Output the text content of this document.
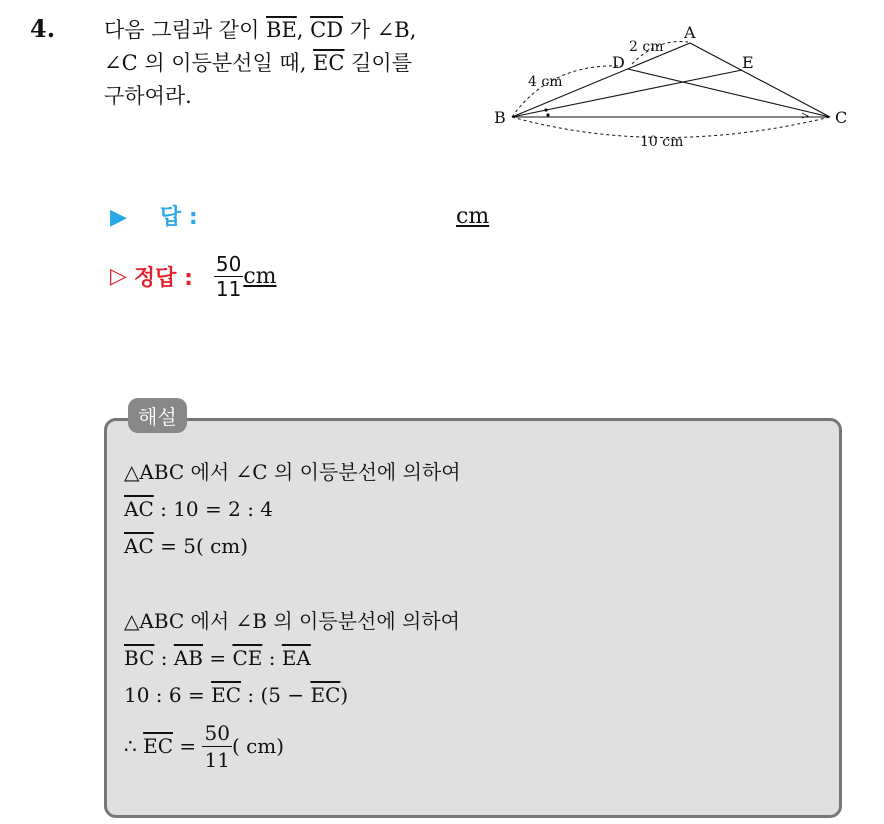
4. 다음 그림과 같이 $\overline{BE}$, $\overline{CD}$ 가 ∠B,
∠C 의 이등분선일 때, $\overline{EC}$ 길이를
구하여라.
A
B	C
D	E
4 cm
2 cm
10 cm
▶ 답 :	cm
▷ 정답 : $\frac{50}{11}$ cm
해설
△ABC 에서 ∠C 의 이등분선에 의하여
$\overline{AC}$ : 10 = 2 : 4
$\overline{AC} = 5$( cm)
△ABC 에서 ∠B 의 이등분선에 의하여
$\overline{BC}$ : $\overline{AB} = \overline{CE}$ : $\overline{EA}$
10 : $6 = \overline{EC}$ : $(5 - \overline{EC})$
∴ $\overline{EC} = \frac{50}{11}$ ( cm)
